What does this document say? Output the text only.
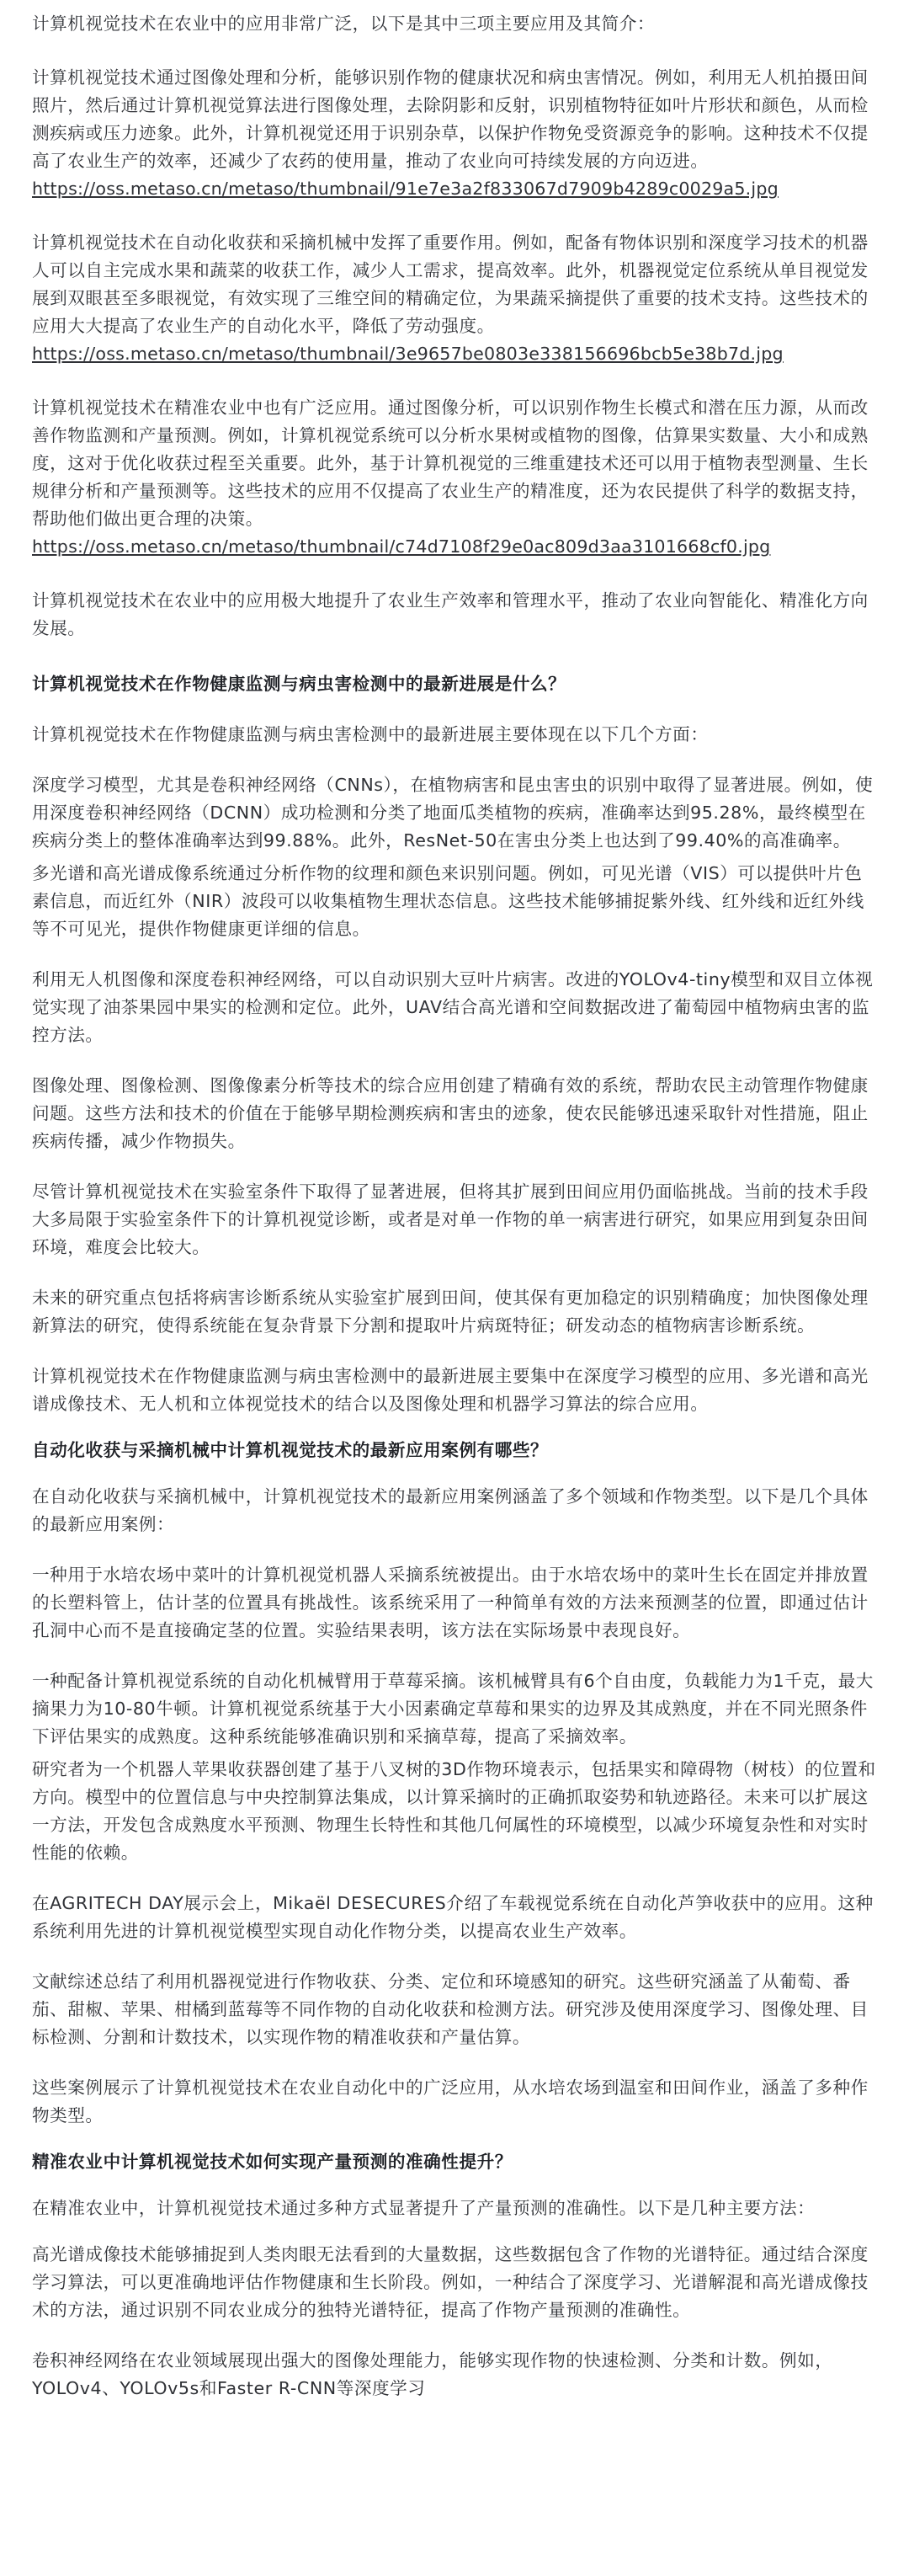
计算机视觉技术在农业中的应用非常广泛，以下是其中三项主要应用及其简介：

计算机视觉技术通过图像处理和分析，能够识别作物的健康状况和病虫害情况。例如，利用无人机拍摄田间照片，然后通过计算机视觉算法进行图像处理，去除阴影和反射，识别植物特征如叶片形状和颜色，从而检测疾病或压力迹象。此外，计算机视觉还用于识别杂草，以保护作物免受资源竞争的影响。这种技术不仅提高了农业生产的效率，还减少了农药的使用量，推动了农业向可持续发展的方向迈进。
https://oss.metaso.cn/metaso/thumbnail/91e7e3a2f833067d7909b4289c0029a5.jpg

计算机视觉技术在自动化收获和采摘机械中发挥了重要作用。例如，配备有物体识别和深度学习技术的机器人可以自主完成水果和蔬菜的收获工作，减少人工需求，提高效率。此外，机器视觉定位系统从单目视觉发展到双眼甚至多眼视觉，有效实现了三维空间的精确定位，为果蔬采摘提供了重要的技术支持。这些技术的应用大大提高了农业生产的自动化水平，降低了劳动强度。
https://oss.metaso.cn/metaso/thumbnail/3e9657be0803e338156696bcb5e38b7d.jpg

计算机视觉技术在精准农业中也有广泛应用。通过图像分析，可以识别作物生长模式和潜在压力源，从而改善作物监测和产量预测。例如，计算机视觉系统可以分析水果树或植物的图像，估算果实数量、大小和成熟度，这对于优化收获过程至关重要。此外，基于计算机视觉的三维重建技术还可以用于植物表型测量、生长规律分析和产量预测等。这些技术的应用不仅提高了农业生产的精准度，还为农民提供了科学的数据支持，帮助他们做出更合理的决策。
https://oss.metaso.cn/metaso/thumbnail/c74d7108f29e0ac809d3aa3101668cf0.jpg

计算机视觉技术在农业中的应用极大地提升了农业生产效率和管理水平，推动了农业向智能化、精准化方向发展。

计算机视觉技术在作物健康监测与病虫害检测中的最新进展是什么？

计算机视觉技术在作物健康监测与病虫害检测中的最新进展主要体现在以下几个方面：

深度学习模型，尤其是卷积神经网络（CNNs），在植物病害和昆虫害虫的识别中取得了显著进展。例如，使用深度卷积神经网络（DCNN）成功检测和分类了地面瓜类植物的疾病，准确率达到95.28%，最终模型在疾病分类上的整体准确率达到99.88%。此外，ResNet-50在害虫分类上也达到了99.40%的高准确率。

多光谱和高光谱成像系统通过分析作物的纹理和颜色来识别问题。例如，可见光谱（VIS）可以提供叶片色素信息，而近红外（NIR）波段可以收集植物生理状态信息。这些技术能够捕捉紫外线、红外线和近红外线等不可见光，提供作物健康更详细的信息。

利用无人机图像和深度卷积神经网络，可以自动识别大豆叶片病害。改进的YOLOv4-tiny模型和双目立体视觉实现了油茶果园中果实的检测和定位。此外，UAV结合高光谱和空间数据改进了葡萄园中植物病虫害的监控方法。

图像处理、图像检测、图像像素分析等技术的综合应用创建了精确有效的系统，帮助农民主动管理作物健康问题。这些方法和技术的价值在于能够早期检测疾病和害虫的迹象，使农民能够迅速采取针对性措施，阻止疾病传播，减少作物损失。

尽管计算机视觉技术在实验室条件下取得了显著进展，但将其扩展到田间应用仍面临挑战。当前的技术手段大多局限于实验室条件下的计算机视觉诊断，或者是对单一作物的单一病害进行研究，如果应用到复杂田间环境，难度会比较大。

未来的研究重点包括将病害诊断系统从实验室扩展到田间，使其保有更加稳定的识别精确度；加快图像处理新算法的研究，使得系统能在复杂背景下分割和提取叶片病斑特征；研发动态的植物病害诊断系统。

计算机视觉技术在作物健康监测与病虫害检测中的最新进展主要集中在深度学习模型的应用、多光谱和高光谱成像技术、无人机和立体视觉技术的结合以及图像处理和机器学习算法的综合应用。

自动化收获与采摘机械中计算机视觉技术的最新应用案例有哪些？

在自动化收获与采摘机械中，计算机视觉技术的最新应用案例涵盖了多个领域和作物类型。以下是几个具体的最新应用案例：

一种用于水培农场中菜叶的计算机视觉机器人采摘系统被提出。由于水培农场中的菜叶生长在固定并排放置的长塑料管上，估计茎的位置具有挑战性。该系统采用了一种简单有效的方法来预测茎的位置，即通过估计孔洞中心而不是直接确定茎的位置。实验结果表明，该方法在实际场景中表现良好。

一种配备计算机视觉系统的自动化机械臂用于草莓采摘。该机械臂具有6个自由度，负载能力为1千克，最大摘果力为10-80牛顿。计算机视觉系统基于大小因素确定草莓和果实的边界及其成熟度，并在不同光照条件下评估果实的成熟度。这种系统能够准确识别和采摘草莓，提高了采摘效率。

研究者为一个机器人苹果收获器创建了基于八叉树的3D作物环境表示，包括果实和障碍物（树枝）的位置和方向。模型中的位置信息与中央控制算法集成，以计算采摘时的正确抓取姿势和轨迹路径。未来可以扩展这一方法，开发包含成熟度水平预测、物理生长特性和其他几何属性的环境模型，以减少环境复杂性和对实时性能的依赖。

在AGRITECH DAY展示会上，Mikaël DESECURES介绍了车载视觉系统在自动化芦笋收获中的应用。这种系统利用先进的计算机视觉模型实现自动化作物分类，以提高农业生产效率。

文献综述总结了利用机器视觉进行作物收获、分类、定位和环境感知的研究。这些研究涵盖了从葡萄、番茄、甜椒、苹果、柑橘到蓝莓等不同作物的自动化收获和检测方法。研究涉及使用深度学习、图像处理、目标检测、分割和计数技术，以实现作物的精准收获和产量估算。

这些案例展示了计算机视觉技术在农业自动化中的广泛应用，从水培农场到温室和田间作业，涵盖了多种作物类型。

精准农业中计算机视觉技术如何实现产量预测的准确性提升？

在精准农业中，计算机视觉技术通过多种方式显著提升了产量预测的准确性。以下是几种主要方法：

高光谱成像技术能够捕捉到人类肉眼无法看到的大量数据，这些数据包含了作物的光谱特征。通过结合深度学习算法，可以更准确地评估作物健康和生长阶段。例如，一种结合了深度学习、光谱解混和高光谱成像技术的方法，通过识别不同农业成分的独特光谱特征，提高了作物产量预测的准确性。

卷积神经网络在农业领域展现出强大的图像处理能力，能够实现作物的快速检测、分类和计数。例如，YOLOv4、YOLOv5s和Faster R-CNN等深度学习
